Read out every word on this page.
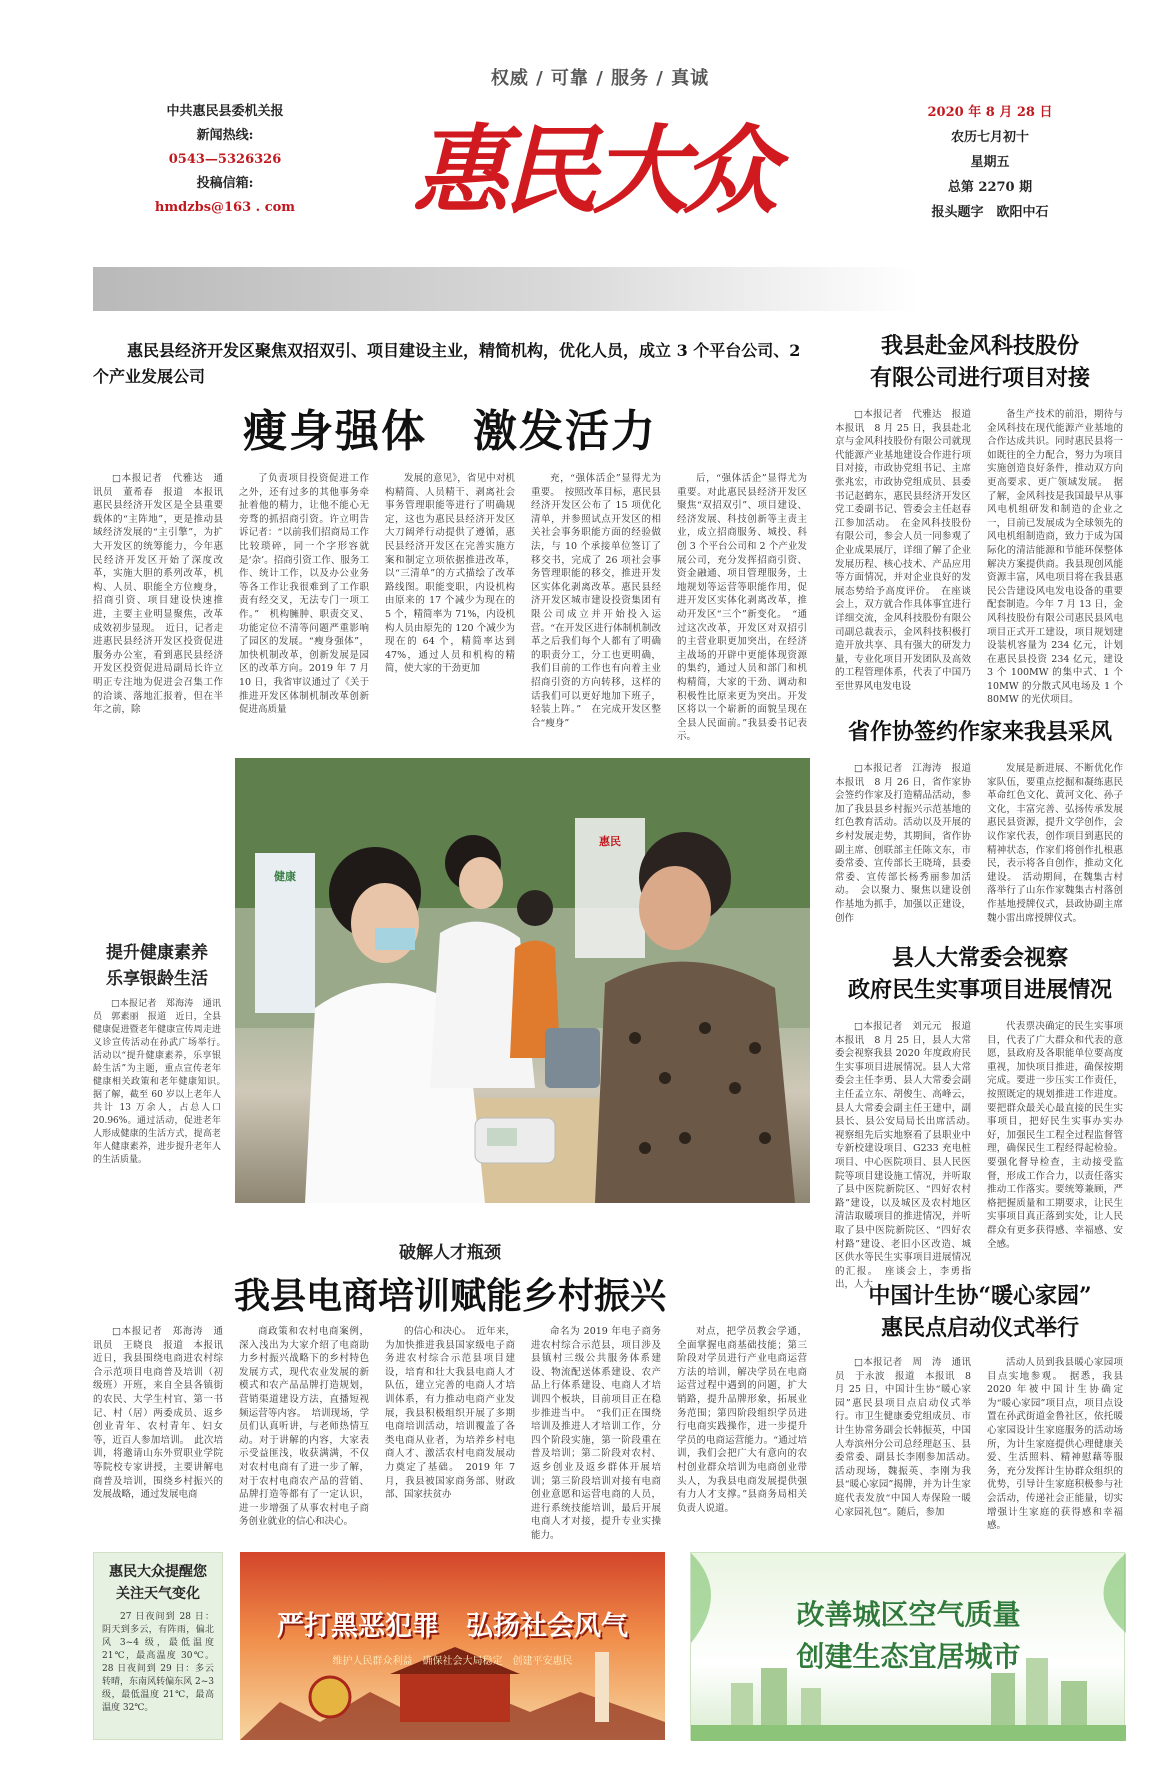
权威 / 可靠 / 服务 / 真诚
中共惠民县委机关报
新闻热线:
0543—5326326
投稿信箱:
hmdzbs@163 . com 惠民大众
2020 年 8 月 28 日
农历七月初十
星期五
总第 2270 期
报头题字　欧阳中石
惠民县经济开发区聚焦双招双引、项目建设主业，精简机构，优化人员，成立 3 个平台公司、2 个产业发展公司
瘦身强体　激发活力

□本报记者　代雅达　通讯员　董希春　报道　本报讯　惠民县经济开发区是全县重要载体的“主阵地”，更是推动县域经济发展的“主引擎”，为扩大开发区的统筹能力，今年惠民经济开发区开始了深度改革，实施大胆的系列改革，机构、人员、职能全方位瘦身，招商引资、项目建设快速推进，主要主业明显聚焦，改革成效初步显现。　近日，记者走进惠民县经济开发区投资促进服务办公室，看到惠民县经济开发区投资促进局副局长许立明正专注地为促进会召集工作的洽谈、落地汇报着，但在半年之前，除

了负责项目投资促进工作之外，还有过多的其他事务牵扯着他的精力，让他不能心无旁骛的抓招商引资。许立明告诉记者：“以前我们招商局工作比较琐碎，同一个字形容就是‘杂’。招商引资工作、服务工作、统计工作，以及办公业务等各工作让我很难到了工作职责有经交叉，无法专门一项工作。”　机构臃肿、职责交叉、功能定位不清等问题严重影响了园区的发展。“瘦身强体”，加快机制改革，创新发展是园区的改革方向。2019 年 7 月 10 日，我省审议通过了《关于推进开发区体制机制改革创新促进高质量

发展的意见》，省见中对机构精简、人员精干、剥离社会事务管理职能等进行了明确规定，这也为惠民县经济开发区大刀阔斧行动提供了遵循，惠民县经济开发区在完善实施方案和制定立项依据推进改革，以“三清单”的方式描绘了改革路线图。职能变职，内设机构由原来的 17 个减少为现在的 5 个，精简率为 71%，内设机构人员由原先的 120 个减少为现在的 64 个，精简率达到 47%，通过人员和机构的精简，使大家的干劲更加

充，“强体活企”显得尤为重要。　按照改革目标，惠民县经济开发区公布了 15 项优化清单，并参照试点开发区的相关社会事务职能方面的经验做法，与 10 个承接单位签订了移交书，完成了 26 项社会事务管理职能的移交，推进开发区实体化剥离改革。惠民县经济开发区城市建设投资集团有限公司成立并开始投入运营。“在开发区进行体制机制改革之后我们每个人都有了明确的职责分工，分工也更明确，我们目前的工作也有向着主业招商引资的方向转移，这样的话我们可以更好地加下班子，轻装上阵。”　在完成开发区整合“瘦身”

后，“强体活企”显得尤为重要。对此惠民县经济开发区聚焦“双招双引”、项目建设、经济发展、科技创新等主责主业，成立招商服务、城投、科创 3 个平台公司和 2 个产业发展公司，充分发挥招商引资、资金融通、项目管理服务，土地规划等运营等职能作用，促进开发区实体化剥离改革，推动开发区“三个”新变化。　“通过这次改革，开发区对双招引的主营业职更加突出，在经济主战场的开辟中更能体现资源的集约，通过人员和部门和机构精简，大家的干劲、调动和积极性比原来更为突出。开发区将以一个崭新的面貌呈现在全县人民面前。”我县委书记表示。

健康
惠民
提升健康素养
乐享银龄生活

□本报记者　郑海涛　通讯员　郭素丽　报道　近日，全县健康促进暨老年健康宣传周走进义诊宣传活动在孙武广场举行。　活动以“提升健康素养，乐享银龄生活”为主题，重点宣传老年健康相关政策和老年健康知识。　据了解，截至 60 岁以上老年人共计 13 万余人，占总人口 20.96%。通过活动，促进老年人形成健康的生活方式，提高老年人健康素养，进步提升老年人的生活质量。

我县赴金风科技股份
有限公司进行项目对接

□本报记者　代雅达　报道　本报讯　8 月 25 日，我县赴北京与金风科技股份有限公司就现代能源产业基地建设合作进行项目对接，市政协党组书记、主席张兆宏，市政协党组成员、县委书记赵鹤东，惠民县经济开发区党工委副书记、管委会主任赵春江参加活动。　在金风科技股份有限公司，参会人员一同参观了企业成果展厅，详细了解了企业发展历程、核心技术、产品应用等方面情况，并对企业良好的发展态势给予高度评价。　在座谈会上，双方就合作具体事宜进行详细交流，金风科技股份有限公司副总裁表示，金风科技积极打造开放共享、具有强大的研发力量，专业化项目开发团队及高效的工程管理体系，代表了中国乃至世界风电发电设

备生产技术的前沿，期待与金风科技在现代能源产业基地的合作达成共识。同时惠民县将一如既往的全力配合，努力为项目实施创造良好条件，推动双方向更高要求、更广领域发展。　据了解，金风科技是我国最早从事风电机组研发和制造的企业之一，目前已发展成为全球领先的风电机组制造商，致力于成为国际化的清洁能源和节能环保整体解决方案提供商。我县现创风能资源丰富，风电项目将在我县惠民公告建设风电发电设备的重要配套制造。今年 7 月 13 日，金风科技股份有限公司惠民县风电项目正式开工建设，项目规划建设装机容量为 234 亿元，计划在惠民县投资 234 亿元，建设 3 个 100MW 的集中式、1 个 10MW 的分散式风电场及 1 个 80MW 的光伏项目。

省作协签约作家来我县采风

□本报记者　江海涛　报道　本报讯　8 月 26 日，省作家协会签约作家及打造精品活动，参加了我县县乡村振兴示范基地的红色教育活动。活动以及开展的乡村发展走势，其期间，省作协副主席、创联部主任陈文东，市委常委、宣传部长王晓琦，县委常委、宣传部长杨秀丽参加活动。　会以聚力、聚焦以建设创作基地为抓手，加强以正建设，创作

发展是新进展、不断优化作家队伍，要重点挖掘和凝练惠民革命红色文化、黄河文化、孙子文化，丰富完善、弘扬传承发展惠民县资源，提升文学创作，会议作家代表，创作项目到惠民的精神状态，作家们将创作扎根惠民，表示将各自创作，推动文化建设。　活动期间，在魏集古村落举行了山东作家魏集古村落创作基地授牌仪式，县政协副主席魏小雷出席授牌仪式。

县人大常委会视察
政府民生实事项目进展情况

□本报记者　刘元元　报道　本报讯　8 月 25 日，县人大常委会视察我县 2020 年度政府民生实事项目进展情况。县人大常委会主任李勇、县人大常委会副主任孟立东、胡俊生、高峰云，县人大常委会副主任王建中，副县长、县公安局局长出席活动。　视察组先后实地察看了县职业中专新校建设项目、G233 充电桩项目、中心医院项目、县人民医院等项目建设施工情况，并听取了县中医院新院区、“四好农村路”建设，以及城区及农村地区清洁取暖项目的推进情况，并听取了县中医院新院区、“四好农村路”建设、老旧小区改造、城区供水等民生实事项目进展情况的汇报。　座谈会上，李勇指出，人大

代表票决确定的民生实事项目，代表了广大群众和代表的意愿，县政府及各职能单位要高度重视，加快项目推进，确保按期完成。要进一步压实工作责任，按照既定的规划推进工作进度。要把群众最关心最直接的民生实事项目，把好民生实事办实办好，加强民生工程全过程监督管理，确保民生工程经得起检验。要强化督导检查，主动接受监督，形成工作合力，以责任落实推动工作落实。要统筹兼顾，严格把握质量和工期要求，让民生实事项目真正落到实处，让人民群众有更多获得感、幸福感、安全感。

破解人才瓶颈
我县电商培训赋能乡村振兴

□本报记者　郑海涛　通讯员　王晓良　报道　本报讯　近日，我县围绕电商进农村综合示范项目电商普及培训（初级班）开班，来自全县各镇街的农民、大学生村官、第一书记、村（居）两委成员、返乡创业青年、农村青年、妇女等，近百人参加培训。　此次培训，将邀请山东外贸职业学院等院校专家讲授，主要讲解电商普及培训，围绕乡村振兴的发展战略，通过发展电商

商政策和农村电商案例，深入浅出为大家介绍了电商助力乡村振兴战略下的乡村特色发展方式，现代农业发展的新模式和农产品品牌打造规划，营销渠道建设方法，直播短视频运营等内容。　培训现场，学员们认真听讲，与老师热情互动。对于讲解的内容，大家表示受益匪浅，收获满满，不仅对农村电商有了进一步了解，对于农村电商农产品的营销、品牌打造等都有了一定认识，进一步增强了从事农村电子商务创业就业的信心和决心。

的信心和决心。　近年来，为加快推进我县国家级电子商务进农村综合示范县项目建设，培育和壮大我县电商人才队伍，建立完善的电商人才培训体系，有力推动电商产业发展，我县积极组织开展了多期电商培训活动，培训覆盖了各类电商从业者，为培养乡村电商人才、激活农村电商发展动力奠定了基础。　2019 年 7 月，我县被国家商务部、财政部、国家扶贫办

命名为 2019 年电子商务进农村综合示范县，项目涉及县镇村三级公共服务体系建设、物流配送体系建设、农产品上行体系建设、电商人才培训四个板块，目前项目正在稳步推进当中。　“我们正在围绕培训及推进人才培训工作，分四个阶段实施，第一阶段重在普及培训；第二阶段对农村、返乡创业及返乡群体开展培训；第三阶段培训对接有电商创业意愿和运营电商的人员，进行系统技能培训，最后开展电商人才对接，提升专业实操能力。

对点，把学员教会学通，全面掌握电商基础技能；第三阶段对学员进行产业电商运营方法的培训，解决学员在电商运营过程中遇到的问题，扩大销路，提升品牌形象，拓展业务范围；第四阶段组织学员进行电商实践操作，进一步提升学员的电商运营能力。“通过培训，我们会把广大有意向的农村创业群众培训为电商创业带头人，为我县电商发展提供强有力人才支撑。”县商务局相关负责人说道。

中国计生协“暖心家园”
惠民点启动仪式举行

□本报记者　周　涛　通讯员　于永波　报道　本报讯　8 月 25 日，中国计生协“暖心家园”惠民县项目点启动仪式举行。市卫生健康委党组成员、市计生协常务副会长韩振英，中国人寿滨州分公司总经理赵玉、县委常委、副县长李刚参加活动。　活动现场，魏振英、李刚为我县“暖心家园”揭牌，并为计生家庭代表发放“中国人寿保险一暖心家园礼包”。随后，参加

活动人员到我县暖心家园项目点实地参观。　据悉，我县 2020 年被中国计生协确定为“暖心家园”项目点，项目点设置在孙武街道金鲁社区，依托暖心家园设计生家庭服务的活动场所，为计生家庭提供心理健康关爱、生活照料、精神慰藉等服务，充分发挥计生协群众组织的优势，引导计生家庭积极参与社会活动，传递社会正能量，切实增强计生家庭的获得感和幸福感。

惠民大众提醒您
关注天气变化

27 日夜间到 28 日：阴天到多云，有阵雨，偏北风 3~4 级，最低温度 21℃，最高温度 30℃。 28 日夜间到 29 日：多云转晴，东南风转偏东风 2~3 级，最低温度 21℃，最高温度 32℃。

严打黑恶犯罪　弘扬社会风气
维护人民群众利益　确保社会大局稳定　创建平安惠民
改善城区空气质量
创建生态宜居城市
